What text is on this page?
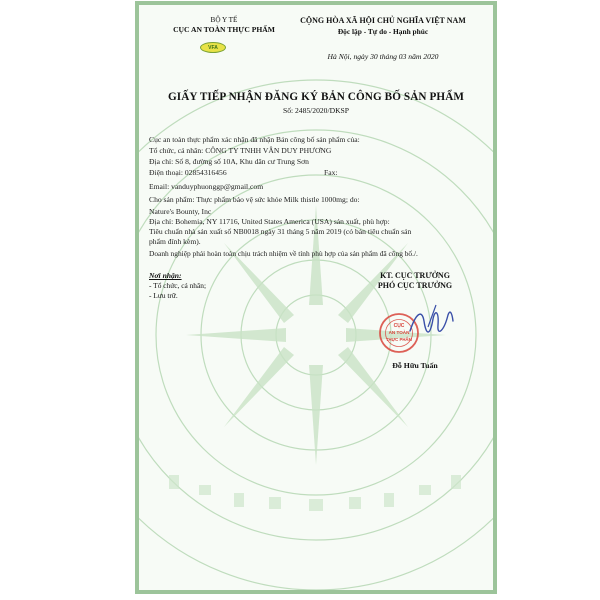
BỘ Y TẾ
CỤC AN TOÀN THỰC PHẨM
VFA
CỘNG HÒA XÃ HỘI CHỦ NGHĨA VIỆT NAM
Độc lập - Tự do - Hạnh phúc
Hà Nội, ngày 30 tháng 03 năm 2020
GIẤY TIẾP NHẬN ĐĂNG KÝ BẢN CÔNG BỐ SẢN PHẨM
Số: 2485/2020/DKSP
Cục an toàn thực phẩm xác nhận đã nhận Bản công bố sản phẩm của:
Tổ chức, cá nhân: CÔNG TY TNHH VÂN DUY PHƯƠNG
Địa chỉ: Số 8, đường số 10A, Khu dân cư Trung Sơn
Điện thoại: 02854316456	Fax:
Email: vanduyphuonggp@gmail.com
Cho sản phẩm: Thực phẩm bảo vệ sức khỏe Milk thistle 1000mg; do:
Nature's Bounty, Inc
Địa chỉ: Bohemia, NY 11716, United States America (USA) sản xuất, phù hợp:
Tiêu chuẩn nhà sản xuất số NB0018 ngày 31 tháng 5 năm 2019 (có bản tiêu chuẩn sản
phẩm đính kèm).
Doanh nghiệp phải hoàn toàn chịu trách nhiệm về tính phù hợp của sản phẩm đã công bố./.
Nơi nhận:
- Tổ chức, cá nhân;
- Lưu trữ.
KT. CỤC TRƯỞNG
PHÓ CỤC TRƯỞNG
CỤC
AN TOÀN
THỰC PHẨM
Đỗ Hữu Tuấn
